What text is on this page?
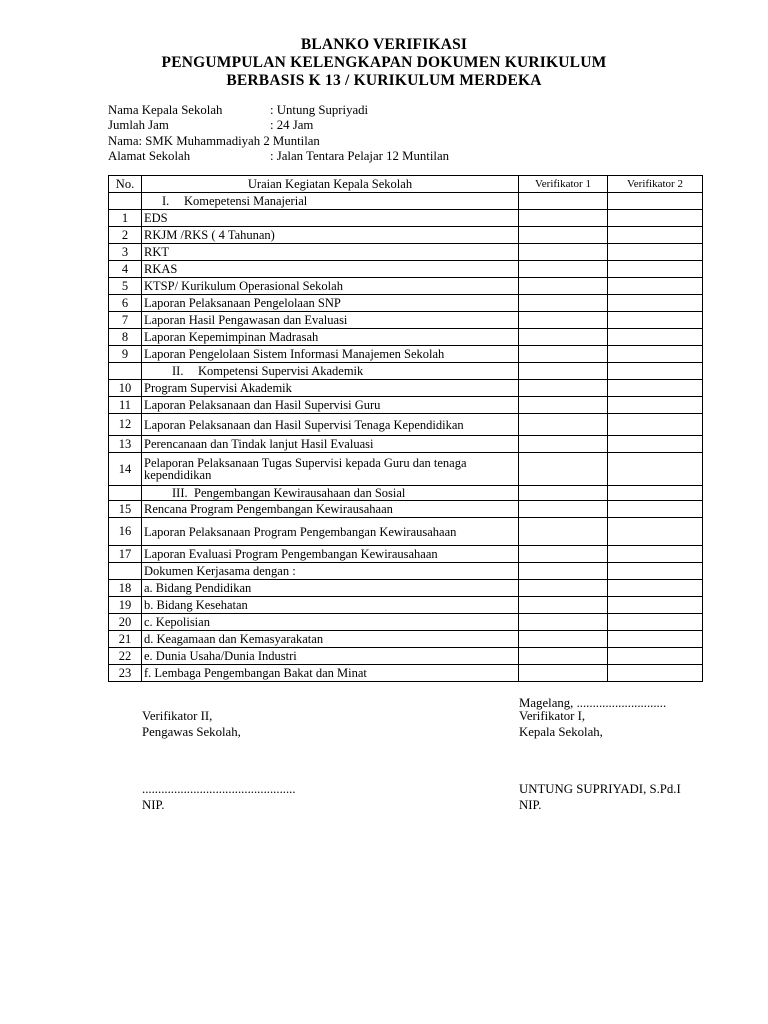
BLANKO VERIFIKASI
PENGUMPULAN KELENGKAPAN DOKUMEN KURIKULUM
BERBASIS K 13 / KURIKULUM MERDEKA
Nama Kepala Sekolah	: Untung Supriyadi
Jumlah Jam	: 24 Jam
Nama: SMK Muhammadiyah 2 Muntilan
Alamat Sekolah	: Jalan Tentara Pelajar 12 Muntilan
No.	Uraian Kegiatan Kepala Sekolah	Verifikator 1	Verifikator 2
	I. Komepetensi Manajerial		
1	EDS		
2	RKJM /RKS ( 4 Tahunan)		
3	RKT		
4	RKAS		
5	KTSP/ Kurikulum Operasional Sekolah		
6	Laporan Pelaksanaan Pengelolaan SNP		
7	Laporan Hasil Pengawasan dan Evaluasi		
8	Laporan Kepemimpinan Madrasah		
9	Laporan Pengelolaan Sistem Informasi Manajemen Sekolah		
	II. Kompetensi Supervisi Akademik		
10	Program Supervisi Akademik		
11	Laporan Pelaksanaan dan Hasil Supervisi Guru		
12	Laporan Pelaksanaan dan Hasil Supervisi Tenaga Kependidikan		
13	Perencanaan dan Tindak lanjut Hasil Evaluasi		
14	Pelaporan Pelaksanaan Tugas Supervisi kepada Guru dan tenaga kependidikan		
	III. Pengembangan Kewirausahaan dan Sosial		
15	Rencana Program Pengembangan Kewirausahaan		
16	Laporan Pelaksanaan Program Pengembangan Kewirausahaan		
17	Laporan Evaluasi Program Pengembangan Kewirausahaan		
	Dokumen Kerjasama dengan :		
18	a. Bidang Pendidikan		
19	b. Bidang Kesehatan		
20	c. Kepolisian		
21	d. Keagamaan dan Kemasyarakatan		
22	e. Dunia Usaha/Dunia Industri		
23	f. Lembaga Pengembangan Bakat dan Minat		
Magelang, ............................
Verifikator II,
Pengawas Sekolah,
Verifikator I,
Kepala Sekolah,
................................................
NIP.
UNTUNG SUPRIYADI, S.Pd.I
NIP.
